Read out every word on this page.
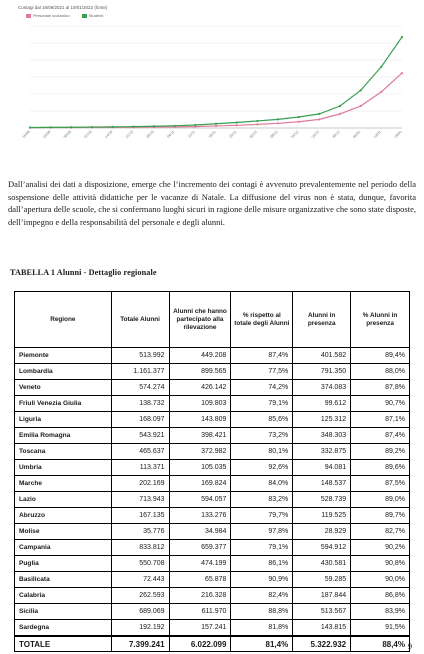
Contagi dal 16/09/2021 al 19/01/2022 (fonte)
Personale scolastico	Studenti
16/09	23/09	30/09	07/10	14/10	21/10	28/10	04/11	11/11	18/11	25/11	02/12	09/12	16/12	23/12	30/12	06/01	13/01	19/01

Dall’analisi dei dati a disposizione, emerge che l’incremento dei contagi è avvenuto prevalentemente nel periodo della sospensione delle attività didattiche per le vacanze di Natale. La diffusione del virus non è stata, dunque, favorita dall’apertura delle scuole, che si confermano luoghi sicuri in ragione delle misure organizzative che sono state disposte, dell’impegno e della responsabilità del personale e degli alunni.

TABELLA 1 Alunni - Dettaglio regionale
Regione	Totale Alunni	Alunni che hanno partecipato alla rilevazione	% rispetto al totale degli Alunni	Alunni in presenza	% Alunni in presenza
Piemonte	513.992	449.208	87,4%	401.582	89,4%
Lombardia	1.161.377	899.565	77,5%	791.350	88,0%
Veneto	574.274	426.142	74,2%	374.083	87,8%
Friuli Venezia Giulia	138.732	109.803	79,1%	99.612	90,7%
Liguria	168.097	143.809	85,6%	125.312	87,1%
Emilia Romagna	543.921	398.421	73,2%	348.303	87,4%
Toscana	465.637	372.982	80,1%	332.875	89,2%
Umbria	113.371	105.035	92,6%	94.081	89,6%
Marche	202.169	169.824	84,0%	148.537	87,5%
Lazio	713.943	594.057	83,2%	528.739	89,0%
Abruzzo	167.135	133.276	79,7%	119.525	89,7%
Molise	35.776	34.984	97,8%	28.929	82,7%
Campania	833.812	659.377	79,1%	594.912	90,2%
Puglia	550.708	474.199	86,1%	430.581	90,8%
Basilicata	72.443	65.878	90,9%	59.285	90,0%
Calabria	262.593	216.328	82,4%	187.844	86,8%
Sicilia	689.069	611.970	88,8%	513.567	83,9%
Sardegna	192.192	157.241	81,8%	143.815	91,5%
TOTALE	7.399.241	6.022.099	81,4%	5.322.932	88,4% 9
